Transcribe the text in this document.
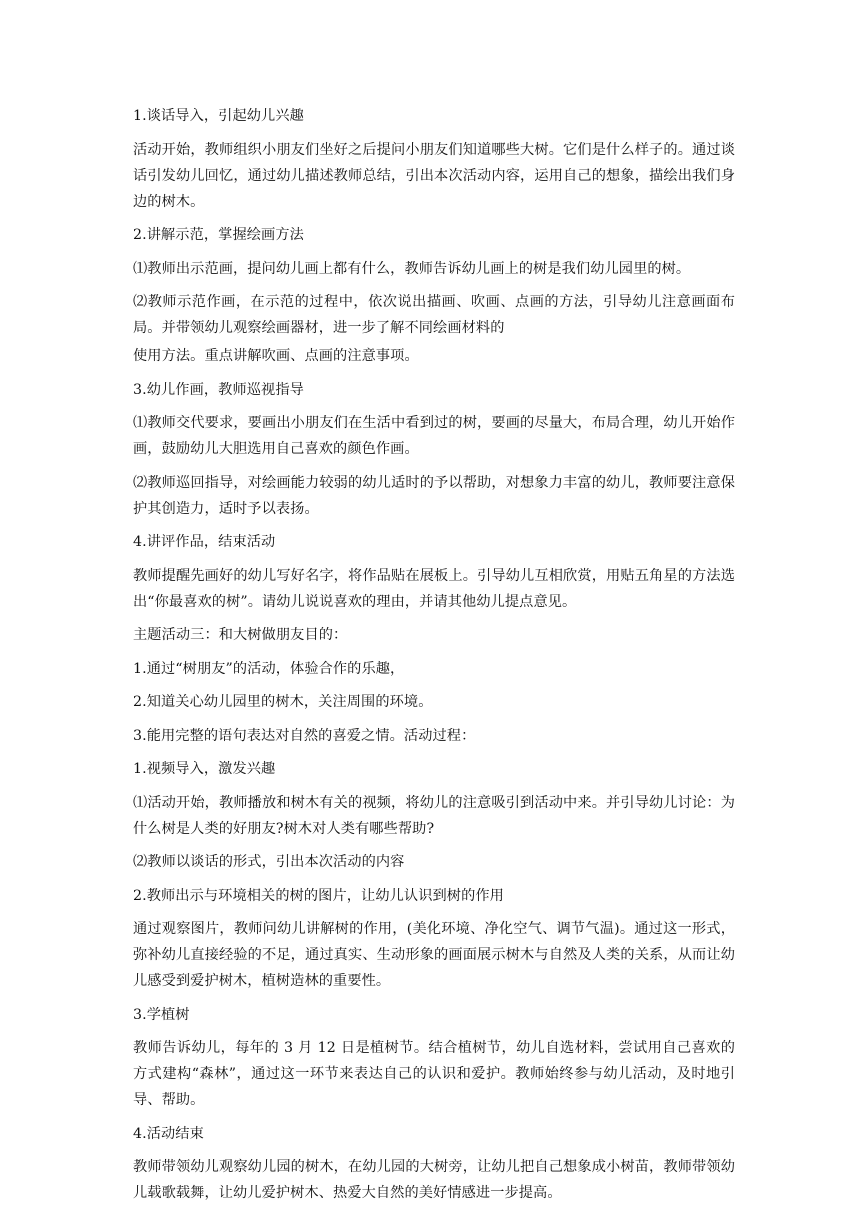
1.谈话导入，引起幼儿兴趣

活动开始，教师组织小朋友们坐好之后提问小朋友们知道哪些大树。它们是什么样子的。通过谈话引发幼儿回忆，通过幼儿描述教师总结，引出本次活动内容，运用自己的想象，描绘出我们身边的树木。

2.讲解示范，掌握绘画方法

⑴教师出示范画，提问幼儿画上都有什么，教师告诉幼儿画上的树是我们幼儿园里的树。

⑵教师示范作画，在示范的过程中，依次说出描画、吹画、点画的方法，引导幼儿注意画面布局。并带领幼儿观察绘画器材，进一步了解不同绘画材料的

使用方法。重点讲解吹画、点画的注意事项。

3.幼儿作画，教师巡视指导

⑴教师交代要求，要画出小朋友们在生活中看到过的树，要画的尽量大，布局合理，幼儿开始作画，鼓励幼儿大胆选用自己喜欢的颜色作画。

⑵教师巡回指导，对绘画能力较弱的幼儿适时的予以帮助，对想象力丰富的幼儿，教师要注意保护其创造力，适时予以表扬。

4.讲评作品，结束活动

教师提醒先画好的幼儿写好名字，将作品贴在展板上。引导幼儿互相欣赏，用贴五角星的方法选出“你最喜欢的树”。请幼儿说说喜欢的理由，并请其他幼儿提点意见。

主题活动三：和大树做朋友目的：

1.通过“树朋友”的活动，体验合作的乐趣，

2.知道关心幼儿园里的树木，关注周围的环境。

3.能用完整的语句表达对自然的喜爱之情。活动过程：

1.视频导入，激发兴趣

⑴活动开始，教师播放和树木有关的视频，将幼儿的注意吸引到活动中来。并引导幼儿讨论：为什么树是人类的好朋友?树木对人类有哪些帮助?

⑵教师以谈话的形式，引出本次活动的内容

2.教师出示与环境相关的树的图片，让幼儿认识到树的作用

通过观察图片，教师问幼儿讲解树的作用，(美化环境、净化空气、调节气温)。通过这一形式，弥补幼儿直接经验的不足，通过真实、生动形象的画面展示树木与自然及人类的关系，从而让幼儿感受到爱护树木，植树造林的重要性。

3.学植树

教师告诉幼儿，每年的 3 月 12 日是植树节。结合植树节，幼儿自选材料，尝试用自己喜欢的方式建构“森林”，通过这一环节来表达自己的认识和爱护。教师始终参与幼儿活动，及时地引导、帮助。

4.活动结束

教师带领幼儿观察幼儿园的树木，在幼儿园的大树旁，让幼儿把自己想象成小树苗，教师带领幼儿载歌载舞，让幼儿爱护树木、热爱大自然的美好情感进一步提高。
